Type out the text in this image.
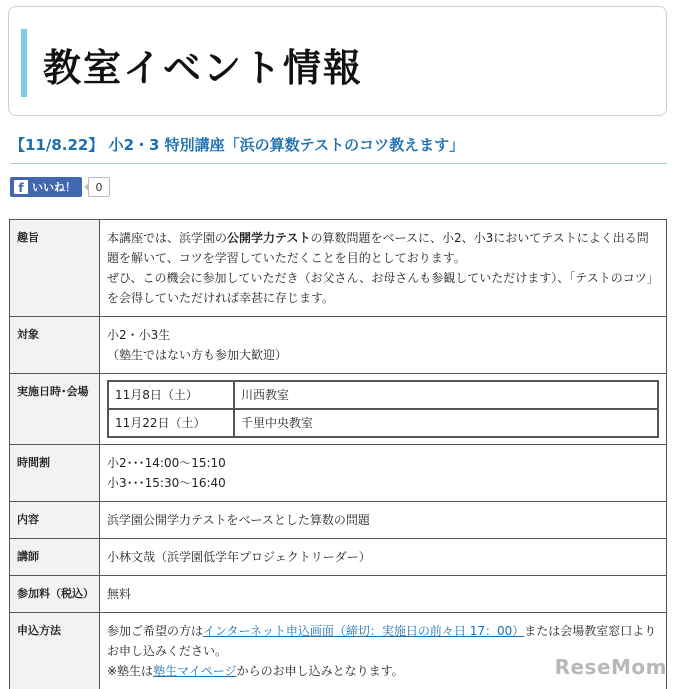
教室イベント情報
【11/8.22】 小2・3 特別講座「浜の算数テストのコツ教えます」
f いいね！	0
趣旨	本講座では、浜学園の公開学力テストの算数問題をベースに、小2、小3においてテストによく出る問題を解いて、コツを学習していただくことを目的としております。
ぜひ、この機会に参加していただき（お父さん、お母さんも参観していただけます）、「テストのコツ」を会得していただければ幸甚に存じます。

対象	小2・小3生
（塾生ではない方も参加大歓迎）

実施日時･会場	11月8日（土）	川西教室
11月22日（土）	千里中央教室

時間割	小2･･･14:00～15:10
小3･･･15:30～16:40

内容	浜学園公開学力テストをベースとした算数の問題
講師	小林文哉（浜学園低学年プロジェクトリーダー）
参加料（税込）	無料
申込方法	参加ご希望の方はインターネット申込画面（締切：実施日の前々日 17：00）または会場教室窓口よりお申し込みください。
※塾生は塾生マイページからのお申し込みとなります。	ReseMom
